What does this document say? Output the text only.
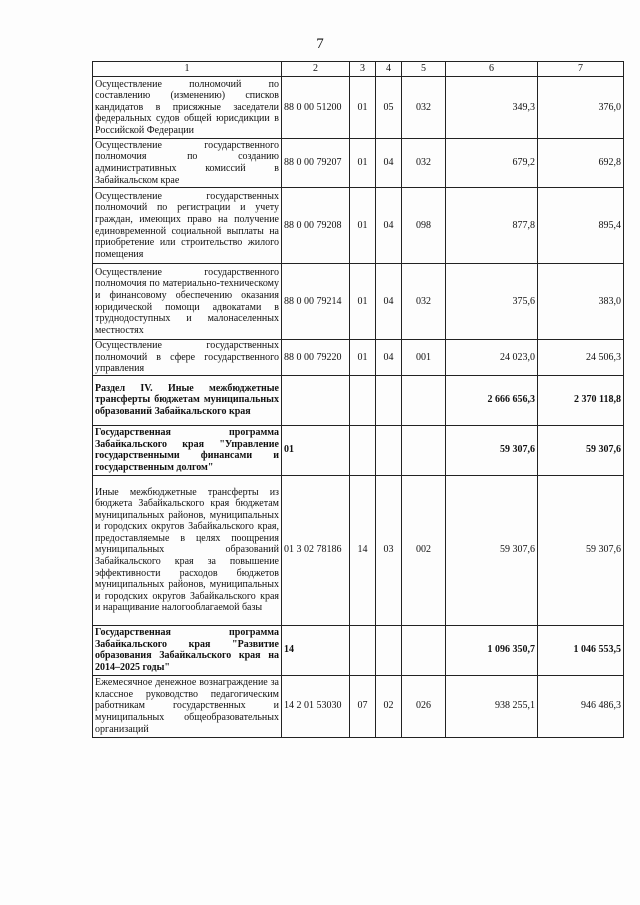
7
1	2	3	4	5	6	7
Осуществление полномочий по составлению (изменению) списков кандидатов в присяжные заседатели федеральных судов общей юрисдикции в Российской Федерации	88 0 00 51200	01	05	032	349,3	376,0
Осуществление государственного полномочия по созданию административных комиссий в Забайкальском крае	88 0 00 79207	01	04	032	679,2	692,8
Осуществление государственных полномочий по регистрации и учету граждан, имеющих право на получение единовременной социальной выплаты на приобретение или строительство жилого помещения	88 0 00 79208	01	04	098	877,8	895,4
Осуществление государственного полномочия по материально-техническому и финансовому обеспечению оказания юридической помощи адвокатами в труднодоступных и малонаселенных местностях	88 0 00 79214	01	04	032	375,6	383,0
Осуществление государственных полномочий в сфере государственного управления	88 0 00 79220	01	04	001	24 023,0	24 506,3
Раздел IV. Иные межбюджетные трансферты бюджетам муниципальных образований Забайкальского края					2 666 656,3	2 370 118,8
Государственная программа Забайкальского края "Управление государственными финансами и государственным долгом"	01				59 307,6	59 307,6
Иные межбюджетные трансферты из бюджета Забайкальского края бюджетам муниципальных районов, муниципальных и городских округов Забайкальского края, предоставляемые в целях поощрения муниципальных образований Забайкальского края за повышение эффективности расходов бюджетов муниципальных районов, муниципальных и городских округов Забайкальского края и наращивание налогооблагаемой базы	01 3 02 78186	14	03	002	59 307,6	59 307,6
Государственная программа Забайкальского края "Развитие образования Забайкальского края на 2014–2025 годы"	14				1 096 350,7	1 046 553,5
Ежемесячное денежное вознаграждение за классное руководство педагогическим работникам государственных и муниципальных общеобразовательных организаций	14 2 01 53030	07	02	026	938 255,1	946 486,3
